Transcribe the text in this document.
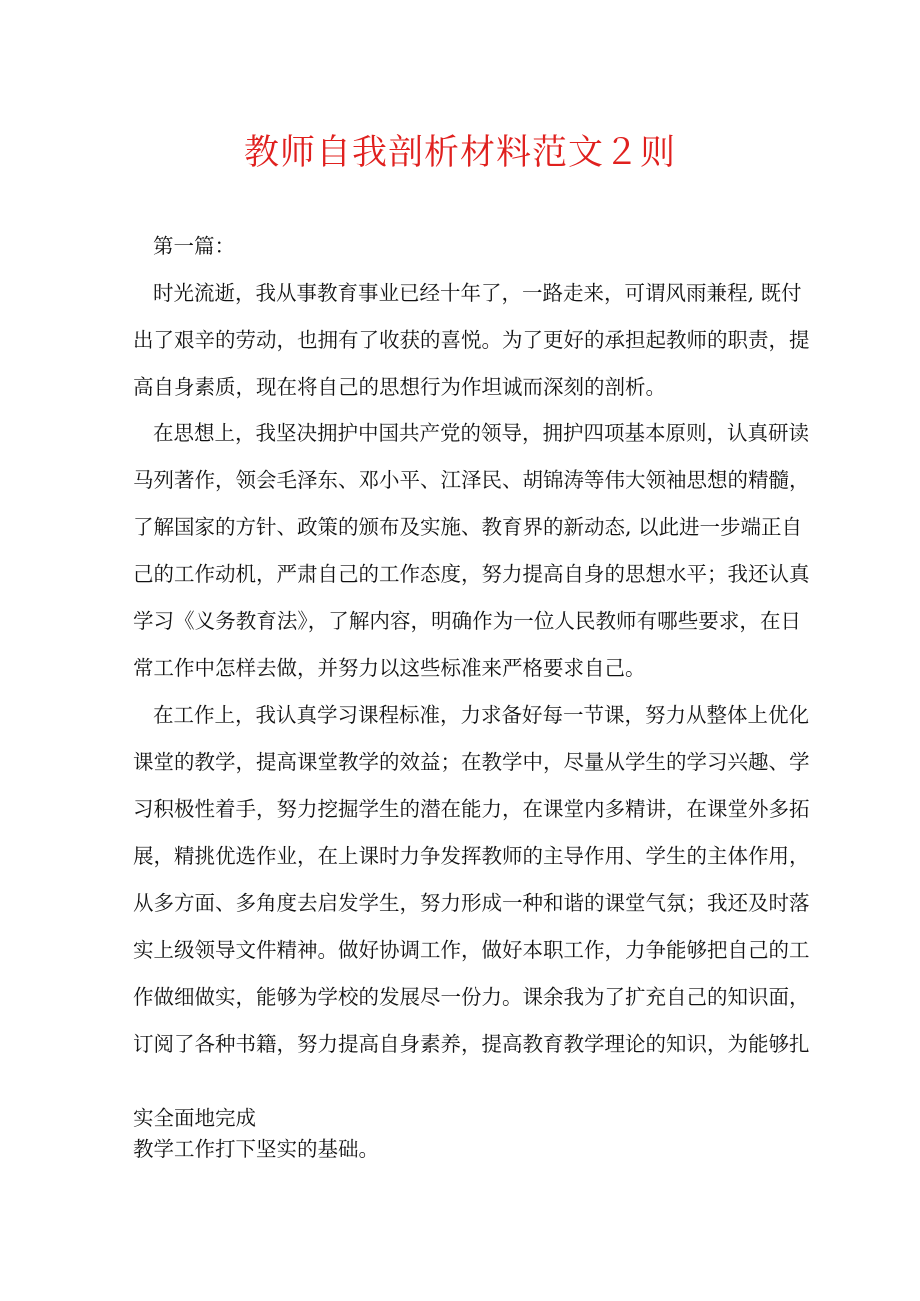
教师自我剖析材料范文２则
第一篇：
时光流逝，我从事教育事业已经十年了，一路走来，可谓风雨兼程, 既付
出了艰辛的劳动，也拥有了收获的喜悦。为了更好的承担起教师的职责，提
高自身素质，现在将自己的思想行为作坦诚而深刻的剖析。
在思想上，我坚决拥护中国共产党的领导，拥护四项基本原则，认真研读
马列著作，领会毛泽东、邓小平、江泽民、胡锦涛等伟大领袖思想的精髓，
了解国家的方针、政策的颁布及实施、教育界的新动态, 以此进一步端正自
己的工作动机，严肃自己的工作态度，努力提高自身的思想水平；我还认真
学习《义务教育法》，了解内容，明确作为一位人民教师有哪些要求，在日
常工作中怎样去做，并努力以这些标准来严格要求自己。
在工作上，我认真学习课程标准，力求备好每一节课，努力从整体上优化
课堂的教学，提高课堂教学的效益；在教学中，尽量从学生的学习兴趣、学
习积极性着手，努力挖掘学生的潜在能力，在课堂内多精讲，在课堂外多拓
展，精挑优选作业，在上课时力争发挥教师的主导作用、学生的主体作用，
从多方面、多角度去启发学生，努力形成一种和谐的课堂气氛；我还及时落
实上级领导文件精神。做好协调工作，做好本职工作，力争能够把自己的工
作做细做实，能够为学校的发展尽一份力。课余我为了扩充自己的知识面，
订阅了各种书籍，努力提高自身素养，提高教育教学理论的知识，为能够扎
实全面地完成
教学工作打下坚实的基础。
